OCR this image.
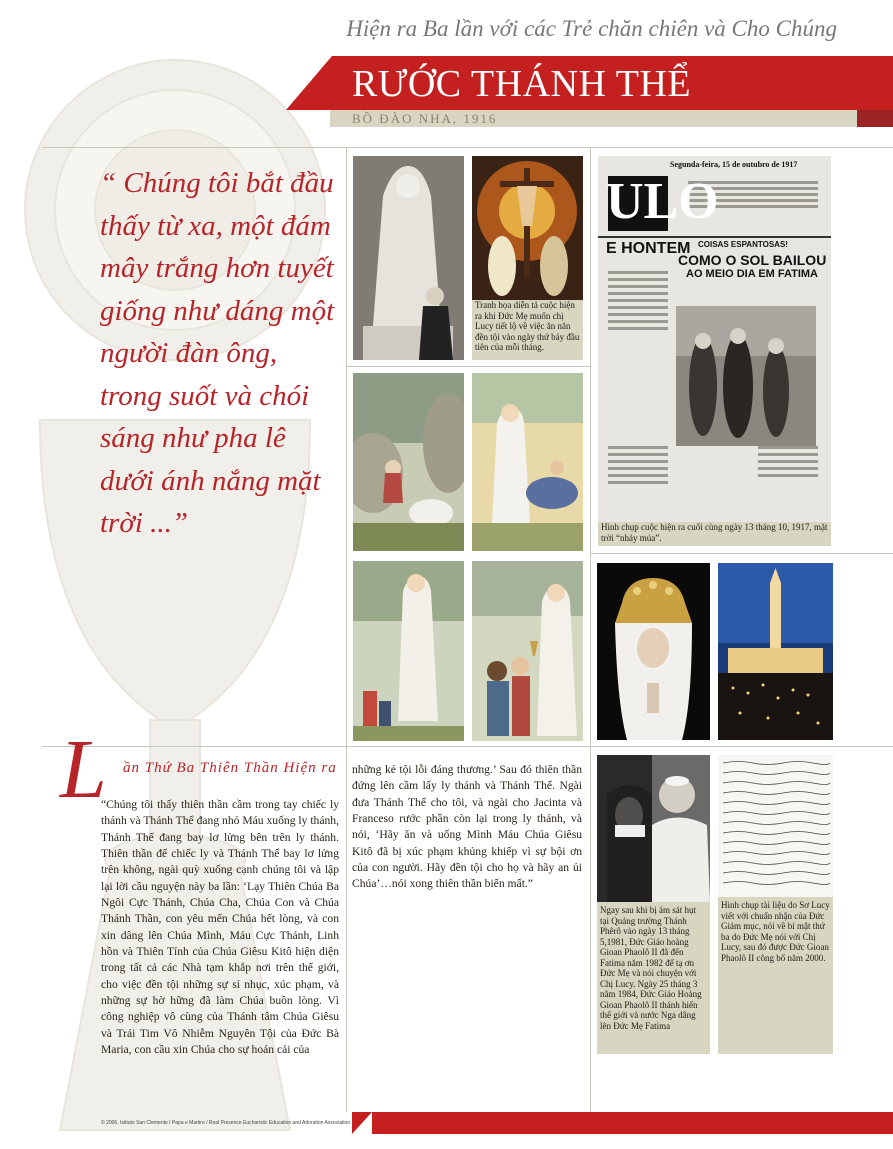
Hiện ra Ba lần với các Trẻ chăn chiên và Cho Chúng
RƯỚC THÁNH THỂ
BỒ ĐÀO NHA, 1916
“ Chúng tôi bắt đầu thấy từ xa, một đám mây trắng hơn tuyết giống như dáng một người đàn ông, trong suốt và chói sáng như pha lê dưới ánh nắng mặt trời ...”
Tranh họa diễn tả cuộc hiện ra khi Đức Mẹ muốn chị Lucy tiết lộ về việc ăn năn đền tội vào ngày thứ bảy đầu tiên của mỗi tháng.
ULO
Segunda-feira, 15 de outubro de 1917
E HONTEM COISAS ESPANTOSAS!
COMO O SOL BAILOU
AO MEIO DIA EM FATIMA
Hình chụp cuộc hiện ra cuối cùng ngày 13 tháng 10, 1917, mặt trời “nhảy múa”.
L	ần Thứ Ba Thiên Thần Hiện ra
“Chúng tôi thấy thiên thần cầm trong tay chiếc ly thánh và Thánh Thể đang nhỏ Máu xuống ly thánh, Thánh Thể đang bay lơ lửng bên trên ly thánh. Thiên thần để chiếc ly và Thánh Thể bay lơ lửng trên không, ngài quỳ xuống cạnh chúng tôi và lập lại lời cầu nguyện này ba lần: ‘Lạy Thiên Chúa Ba Ngôi Cực Thánh, Chúa Cha, Chúa Con và Chúa Thánh Thần, con yêu mến Chúa hết lòng, và con xin dâng lên Chúa Mình, Máu Cực Thánh, Linh hồn và Thiên Tính của Chúa Giêsu Kitô hiện diện trong tất cả các Nhà tạm khắp nơi trên thế giới, cho việc đền tội những sự sỉ nhục, xúc phạm, và những sự hờ hững đã làm Chúa buồn lòng. Vì công nghiệp vô cùng của Thánh tâm Chúa Giêsu và Trái Tim Vô Nhiễm Nguyên Tội của Đức Bà Maria, con cầu xin Chúa cho sự hoán cải của
những kẻ tội lỗi đáng thương.’ Sau đó thiên thần đứng lên cầm lấy ly thánh và Thánh Thể. Ngài đưa Thánh Thể cho tôi, và ngài cho Jacinta và Franceso rước phần còn lại trong ly thánh, và nói, ‘Hãy ăn và uống Mình Máu Chúa Giêsu Kitô đã bị xúc phạm khủng khiếp vì sự bội ơn của con người. Hãy đền tội cho họ và hãy an ủi Chúa’…nói xong thiên thần biến mất.”
Ngay sau khi bị ám sát hụt tại Quảng trường Thánh Phêrô vào ngày 13 tháng 5,1981, Đức Giáo hoàng Gioan Phaolô II đã đến Fatima năm 1982 để tạ ơn Đức Mẹ và nói chuyện với Chị Lucy. Ngày 25 tháng 3 năm 1984, Đức Giáo Hoàng Gioan Phaolô II thánh hiến thế giới và nước Nga dâng lên Đức Mẹ Fatima
Hình chụp tài liệu do Sơ Lucy viết với chuẩn nhận của Đức Giám mục, nói về bí mật thứ ba do Đức Mẹ nói với Chị Lucy, sau đó được Đức Gioan Phaolô II công bố năm 2000.
© 2006, Istituto San Clemente I Papa e Martire / Real Presence Eucharistic Education and Adoration Association
